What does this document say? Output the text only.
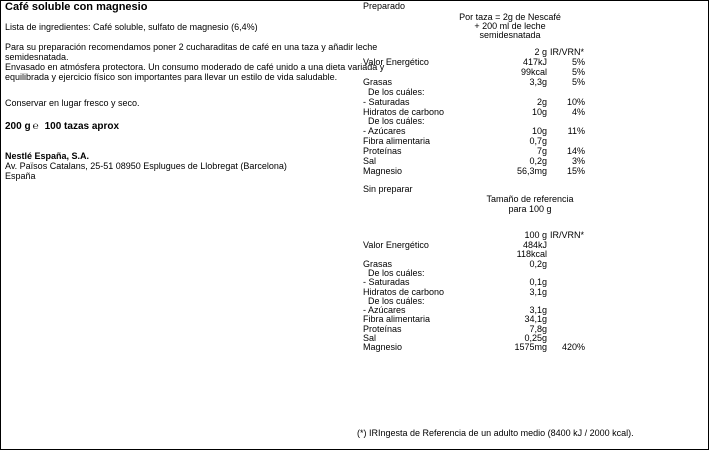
Café soluble con magnesio
Lista de ingredientes: Café soluble, sulfato de magnesio (6,4%)
Para su preparación recomendamos poner 2 cucharaditas de café en una taza y añadir leche
semidesnatada.
Envasado en atmósfera protectora. Un consumo moderado de café unido a una dieta variada y
equilibrada y ejercicio físico son importantes para llevar un estilo de vida saludable.
Conservar en lugar fresco y seco.
200 g ℮ 100 tazas aprox
Nestlé España, S.A.
Av. Països Catalans, 25-51 08950 Esplugues de Llobregat (Barcelona)
España
Preparado
Por taza = 2g de Nescafé
+ 200 ml de leche
semidesnatada
2 g IR/VRN*
Valor Energético	417kJ	5%
99kcal	5%
Grasas	3,3g	5%
De los cuáles:
- Saturadas	2g	10%
Hidratos de carbono	10g	4%
De los cuáles:
- Azúcares	10g	11%
Fibra alimentaria	0,7g
Proteínas	7g	14%
Sal	0,2g	3%
Magnesio	56,3mg	15%
Sin preparar
Tamaño de referencia
para 100 g
100 g IR/VRN*
Valor Energético	484kJ
118kcal
Grasas	0,2g
De los cuáles:
- Saturadas	0,1g
Hidratos de carbono	3,1g
De los cuáles:
- Azúcares	3,1g
Fibra alimentaria	34,1g
Proteínas	7,8g
Sal	0,25g
Magnesio	1575mg	420%
(*) IRIngesta de Referencia de un adulto medio (8400 kJ / 2000 kcal).
